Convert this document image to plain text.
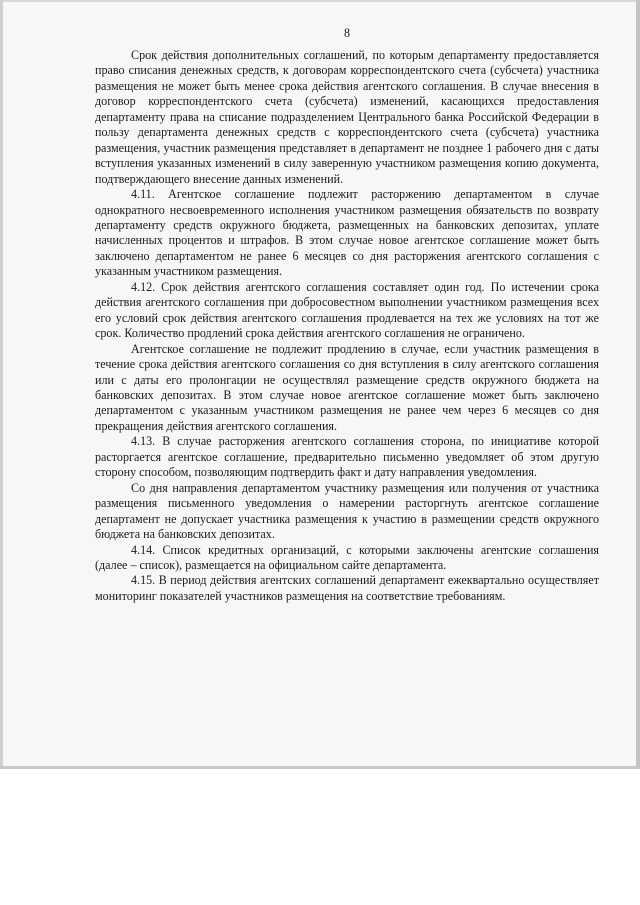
8

Срок действия дополнительных соглашений, по которым департаменту предоставляется право списания денежных средств, к договорам корреспондентского счета (субсчета) участника размещения не может быть менее срока действия агентского соглашения. В случае внесения в договор корреспондентского счета (субсчета) изменений, касающихся предоставления департаменту права на списание подразделением Центрального банка Российской Федерации в пользу департамента денежных средств с корреспондентского счета (субсчета) участника размещения, участник размещения представляет в департамент не позднее 1 рабочего дня с даты вступления указанных изменений в силу заверенную участником размещения копию документа, подтверждающего внесение данных изменений.

4.11. Агентское соглашение подлежит расторжению департаментом в случае однократного несвоевременного исполнения участником размещения обязательств по возврату департаменту средств окружного бюджета, размещенных на банковских депозитах, уплате начисленных процентов и штрафов. В этом случае новое агентское соглашение может быть заключено департаментом не ранее 6 месяцев со дня расторжения агентского соглашения с указанным участником размещения.

4.12. Срок действия агентского соглашения составляет один год. По истечении срока действия агентского соглашения при добросовестном выполнении участником размещения всех его условий срок действия агентского соглашения продлевается на тех же условиях на тот же срок. Количество продлений срока действия агентского соглашения не ограничено.

Агентское соглашение не подлежит продлению в случае, если участник размещения в течение срока действия агентского соглашения со дня вступления в силу агентского соглашения или с даты его пролонгации не осуществлял размещение средств окружного бюджета на банковских депозитах. В этом случае новое агентское соглашение может быть заключено департаментом с указанным участником размещения не ранее чем через 6 месяцев со дня прекращения действия агентского соглашения.

4.13. В случае расторжения агентского соглашения сторона, по инициативе которой расторгается агентское соглашение, предварительно письменно уведомляет об этом другую сторону способом, позволяющим подтвердить факт и дату направления уведомления.

Со дня направления департаментом участнику размещения или получения от участника размещения письменного уведомления о намерении расторгнуть агентское соглашение департамент не допускает участника размещения к участию в размещении средств окружного бюджета на банковских депозитах.

4.14. Список кредитных организаций, с которыми заключены агентские соглашения (далее – список), размещается на официальном сайте департамента.

4.15. В период действия агентских соглашений департамент ежеквартально осуществляет мониторинг показателей участников размещения на соответствие требованиям.
